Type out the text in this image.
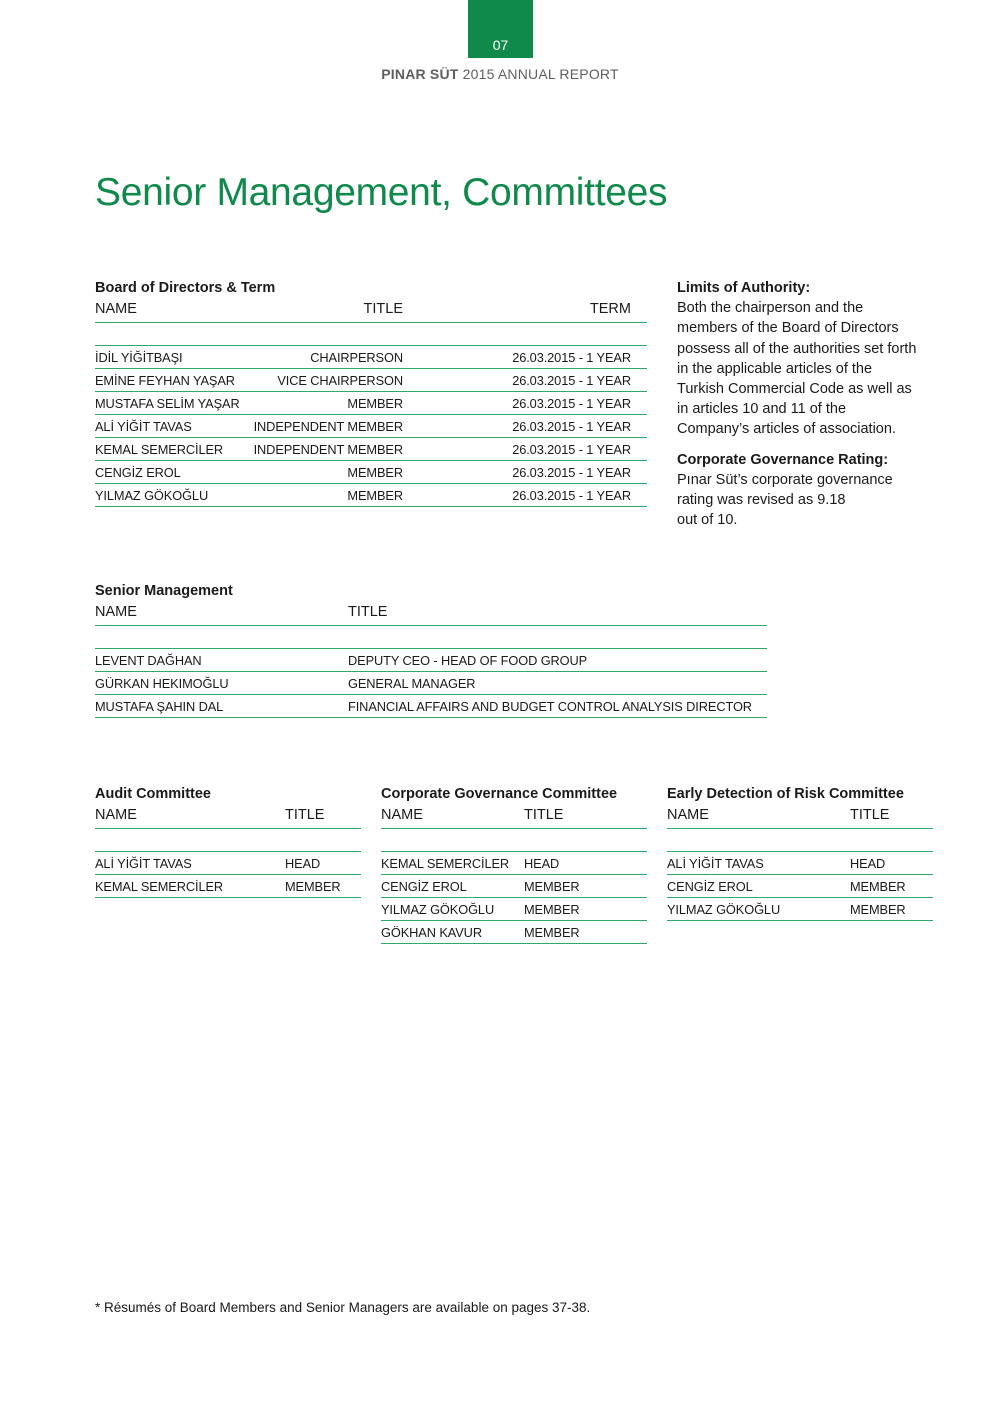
07
PINAR SÜT 2015 ANNUAL REPORT
Senior Management, Committees
Board of Directors & Term
NAME	TITLE	TERM

İDİL YİĞİTBAŞI	CHAIRPERSON	26.03.2015 - 1 YEAR
EMİNE FEYHAN YAŞAR	VICE CHAIRPERSON	26.03.2015 - 1 YEAR
MUSTAFA SELİM YAŞAR	MEMBER	26.03.2015 - 1 YEAR
ALİ YİĞİT TAVAS	INDEPENDENT MEMBER	26.03.2015 - 1 YEAR
KEMAL SEMERCİLER	INDEPENDENT MEMBER	26.03.2015 - 1 YEAR
CENGİZ EROL	MEMBER	26.03.2015 - 1 YEAR
YILMAZ GÖKOĞLU	MEMBER	26.03.2015 - 1 YEAR
Limits of Authority:

Both the chairperson and the members of the Board of Directors possess all of the authorities set forth in the applicable articles of the Turkish Commercial Code as well as in articles 10 and 11 of the Company’s articles of association.

Corporate Governance Rating:

Pınar Süt’s corporate governance rating was revised as 9.18

out of 10.

Senior Management
NAME	TITLE

LEVENT DAĞHAN	DEPUTY CEO - HEAD OF FOOD GROUP
GÜRKAN HEKIMOĞLU	GENERAL MANAGER
MUSTAFA ŞAHIN DAL	FINANCIAL AFFAIRS AND BUDGET CONTROL ANALYSIS DIRECTOR
Audit Committee
NAME	TITLE

ALİ YİĞİT TAVAS	HEAD
KEMAL SEMERCİLER	MEMBER
Corporate Governance Committee
NAME	TITLE

KEMAL SEMERCİLER	HEAD
CENGİZ EROL	MEMBER
YILMAZ GÖKOĞLU	MEMBER
GÖKHAN KAVUR	MEMBER
Early Detection of Risk Committee
NAME	TITLE

ALİ YİĞİT TAVAS	HEAD
CENGİZ EROL	MEMBER
YILMAZ GÖKOĞLU	MEMBER
* Résumés of Board Members and Senior Managers are available on pages 37-38.
